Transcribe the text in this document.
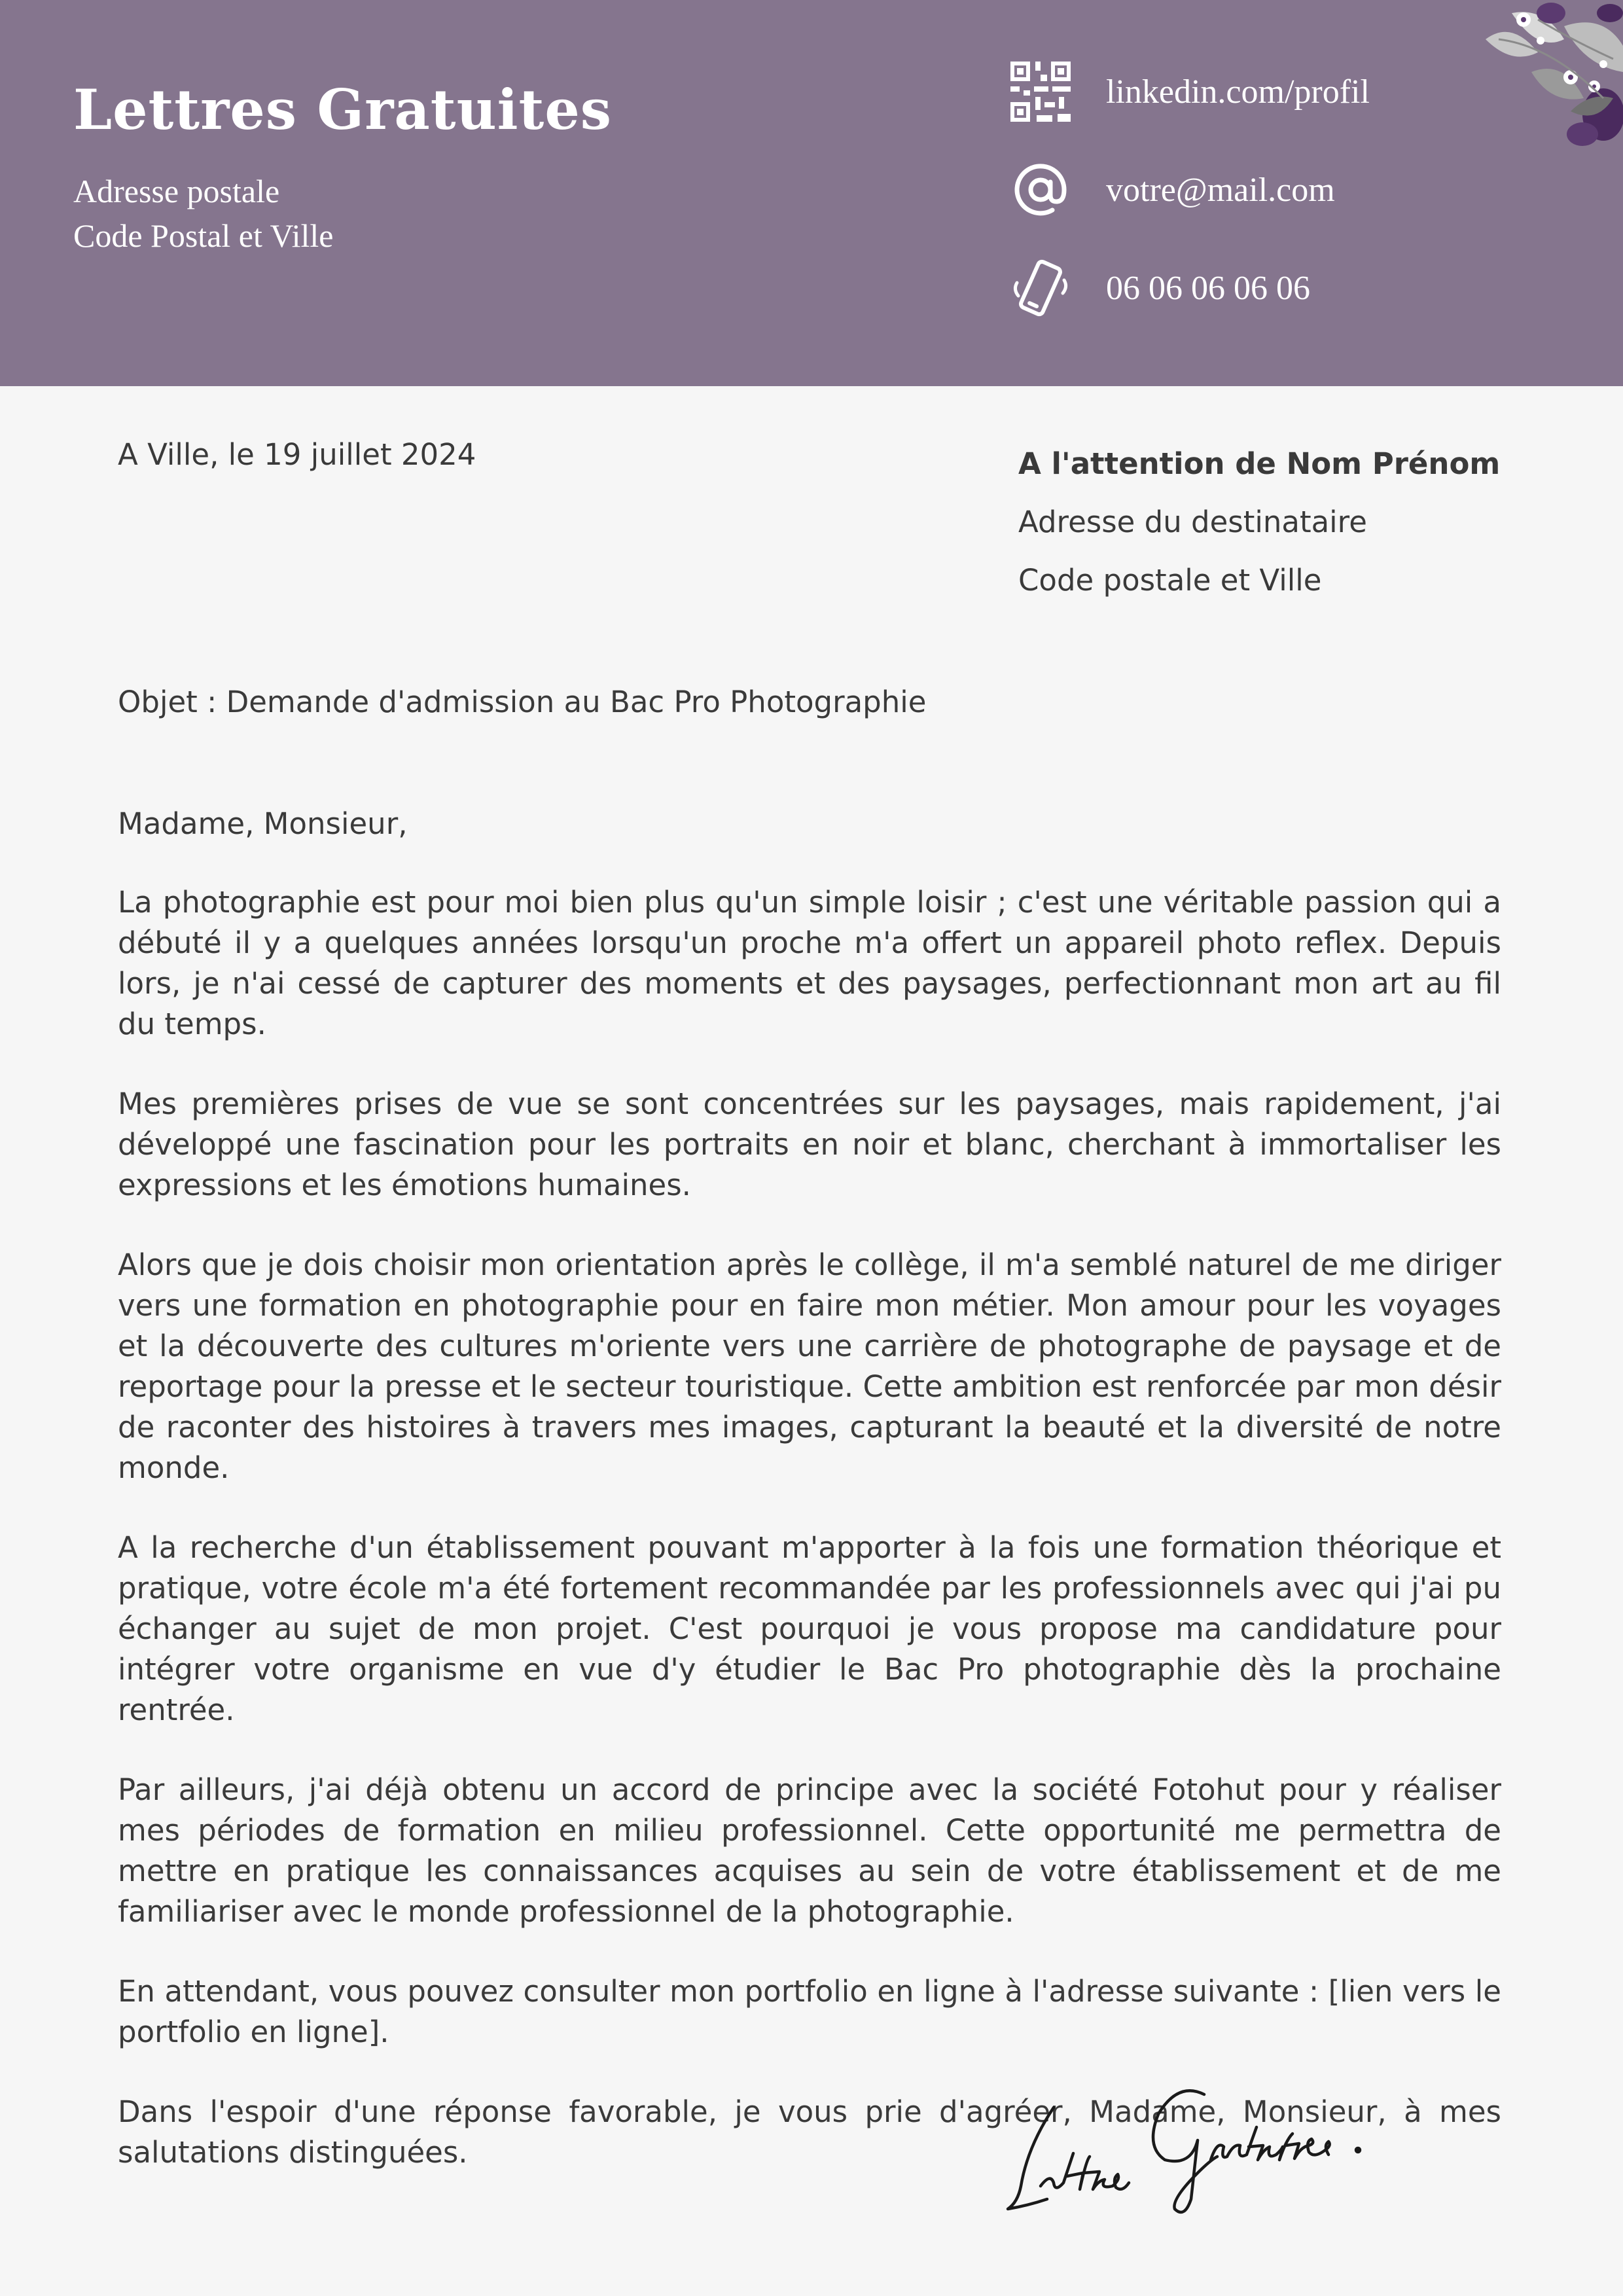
Lettres Gratuites
Adresse postale
Code Postal et Ville
linkedin.com/profil
votre@mail.com
06 06 06 06 06
A Ville, le 19 juillet 2024	A l'attention de Nom Prénom
Adresse du destinataire
Code postale et Ville
Objet : Demande d'admission au Bac Pro Photographie

Madame, Monsieur,

La photographie est pour moi bien plus qu'un simple loisir ; c'est une véritable passion qui a débuté il y a quelques années lorsqu'un proche m'a offert un appareil photo reflex. Depuis lors, je n'ai cessé de capturer des moments et des paysages, perfectionnant mon art au fil du temps.

Mes premières prises de vue se sont concentrées sur les paysages, mais rapidement, j'ai développé une fascination pour les portraits en noir et blanc, cherchant à immortaliser les expressions et les émotions humaines.

Alors que je dois choisir mon orientation après le collège, il m'a semblé naturel de me diriger vers une formation en photographie pour en faire mon métier. Mon amour pour les voyages et la découverte des cultures m'oriente vers une carrière de photographe de paysage et de reportage pour la presse et le secteur touristique. Cette ambition est renforcée par mon désir de raconter des histoires à travers mes images, capturant la beauté et la diversité de notre monde.

A la recherche d'un établissement pouvant m'apporter à la fois une formation théorique et pratique, votre école m'a été fortement recommandée par les professionnels avec qui j'ai pu échanger au sujet de mon projet. C'est pourquoi je vous propose ma candidature pour intégrer votre organisme en vue d'y étudier le Bac Pro photographie dès la prochaine rentrée.

Par ailleurs, j'ai déjà obtenu un accord de principe avec la société Fotohut pour y réaliser mes périodes de formation en milieu professionnel. Cette opportunité me permettra de mettre en pratique les connaissances acquises au sein de votre établissement et de me familiariser avec le monde professionnel de la photographie.

En attendant, vous pouvez consulter mon portfolio en ligne à l'adresse suivante : [lien vers le portfolio en ligne].

Dans l'espoir d'une réponse favorable, je vous prie d'agréer, Madame, Monsieur, à mes salutations distinguées.
